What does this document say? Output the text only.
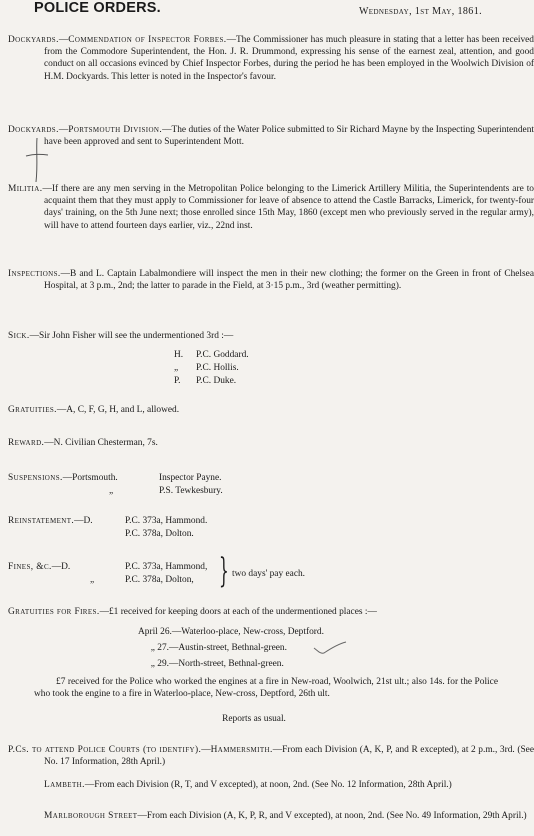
POLICE ORDERS.	Wednesday, 1st May, 1861.
Dockyards.—Commendation of Inspector Forbes.—The Commissioner has much pleasure in stating that a letter has been received from the Commodore Superintendent, the Hon. J. R. Drummond, expressing his sense of the earnest zeal, attention, and good conduct on all occasions evinced by Chief Inspector Forbes, during the period he has been employed in the Woolwich Division of H.M. Dockyards. This letter is noted in the Inspector's favour.
Dockyards.—Portsmouth Division.—The duties of the Water Police submitted to Sir Richard Mayne by the Inspecting Superintendent have been approved and sent to Superintendent Mott.
Militia.—If there are any men serving in the Metropolitan Police belonging to the Limerick Artillery Militia, the Superintendents are to acquaint them that they must apply to Commissioner for leave of absence to attend the Castle Barracks, Limerick, for twenty-four days' training, on the 5th June next; those enrolled since 15th May, 1860 (except men who previously served in the regular army), will have to attend fourteen days earlier, viz., 22nd inst.
Inspections.—B and L. Captain Labalmondiere will inspect the men in their new clothing; the former on the Green in front of Chelsea Hospital, at 3 p.m., 2nd; the latter to parade in the Field, at 3·15 p.m., 3rd (weather permitting).
Sick.—Sir John Fisher will see the undermentioned 3rd :—
H. P.C. Goddard.
„ P.C. Hollis.
P. P.C. Duke.
Gratuities.—A, C, F, G, H, and L, allowed.
Reward.—N. Civilian Chesterman, 7s.
Suspensions.—Portsmouth.	Inspector Payne.
„	P.S. Tewkesbury.
Reinstatement.—D.	P.C. 373a, Hammond.
P.C. 378a, Dolton.
Fines, &c.—D.	P.C. 373a, Hammond,
„	P.C. 378a, Dolton, } two days' pay each.
Gratuities for Fires.—£1 received for keeping doors at each of the undermentioned places :—
April 26.—Waterloo-place, New-cross, Deptford.
„ 27.—Austin-street, Bethnal-green.
„ 29.—North-street, Bethnal-green.
£7 received for the Police who worked the engines at a fire in New-road, Woolwich, 21st ult.; also 14s. for the Police who took the engine to a fire in Waterloo-place, New-cross, Deptford, 26th ult.
Reports as usual.
P.Cs. to attend Police Courts (to identify).—Hammersmith.—From each Division (A, K, P, and R excepted), at 2 p.m., 3rd. (See No. 17 Information, 28th April.)
Lambeth.—From each Division (R, T, and V excepted), at noon, 2nd. (See No. 12 Information, 28th April.)
Marlborough Street—From each Division (A, K, P, R, and V excepted), at noon, 2nd. (See No. 49 Information, 29th April.)
